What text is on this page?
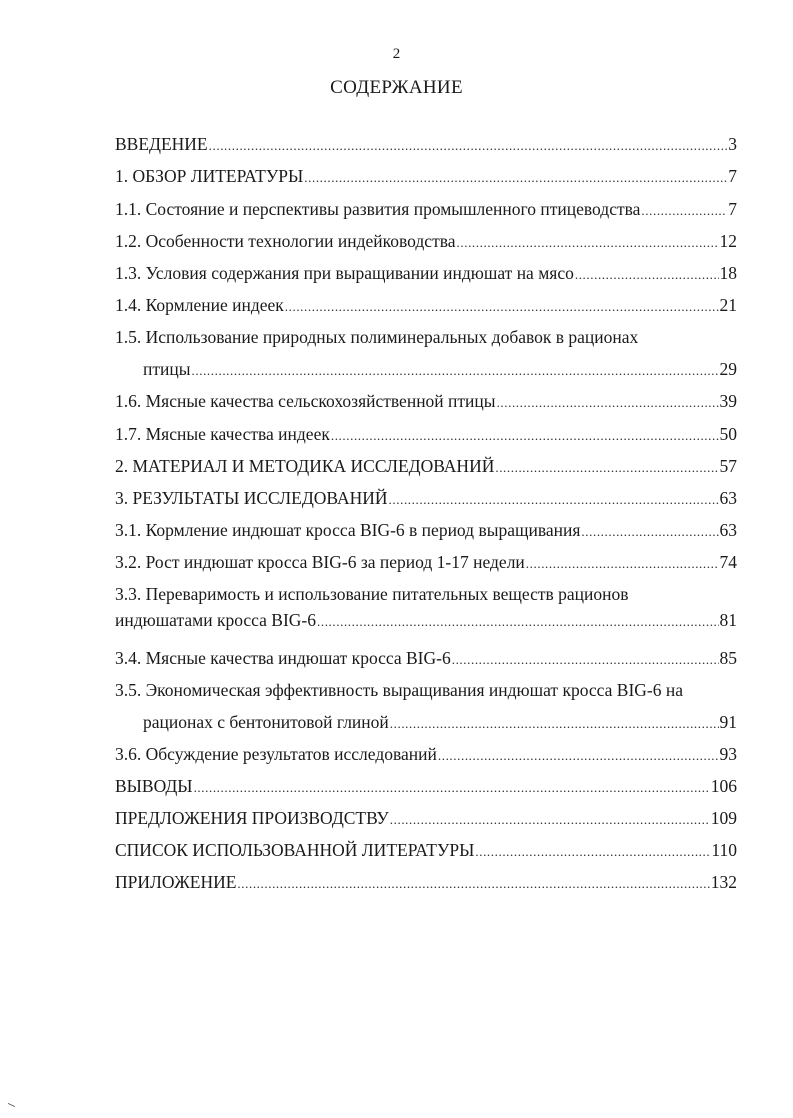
2
СОДЕРЖАНИЕ
ВВЕДЕНИЕ .....	3
1. ОБЗОР ЛИТЕРАТУРЫ .....	7
1.1. Состояние и перспективы развития промышленного птицеводства .....	7
1.2. Особенности технологии индейководства .....	12
1.3. Условия содержания при выращивании индюшат на мясо .....	18
1.4. Кормление индеек .....	21
1.5. Использование природных полиминеральных добавок в рационах
птицы .....	29
1.6. Мясные качества сельскохозяйственной птицы .....	39
1.7. Мясные качества индеек .....	50
2. МАТЕРИАЛ И МЕТОДИКА ИССЛЕДОВАНИЙ .....	57
3. РЕЗУЛЬТАТЫ ИССЛЕДОВАНИЙ .....	63
3.1. Кормление индюшат кросса BIG-6 в период выращивания .....	63
3.2. Рост индюшат кросса BIG-6 за период 1-17 недели .....	74
3.3. Переваримость и использование питательных веществ рационов
индюшатами кросса BIG-6 .....	81
3.4. Мясные качества индюшат кросса BIG-6 .....	85
3.5. Экономическая эффективность выращивания индюшат кросса BIG-6 на
рационах с бентонитовой глиной .....	91
3.6. Обсуждение результатов исследований .....	93
ВЫВОДЫ .....	106
ПРЕДЛОЖЕНИЯ ПРОИЗВОДСТВУ .....	109
СПИСОК ИСПОЛЬЗОВАННОЙ ЛИТЕРАТУРЫ .....	110
ПРИЛОЖЕНИЕ .....	132
⸜
